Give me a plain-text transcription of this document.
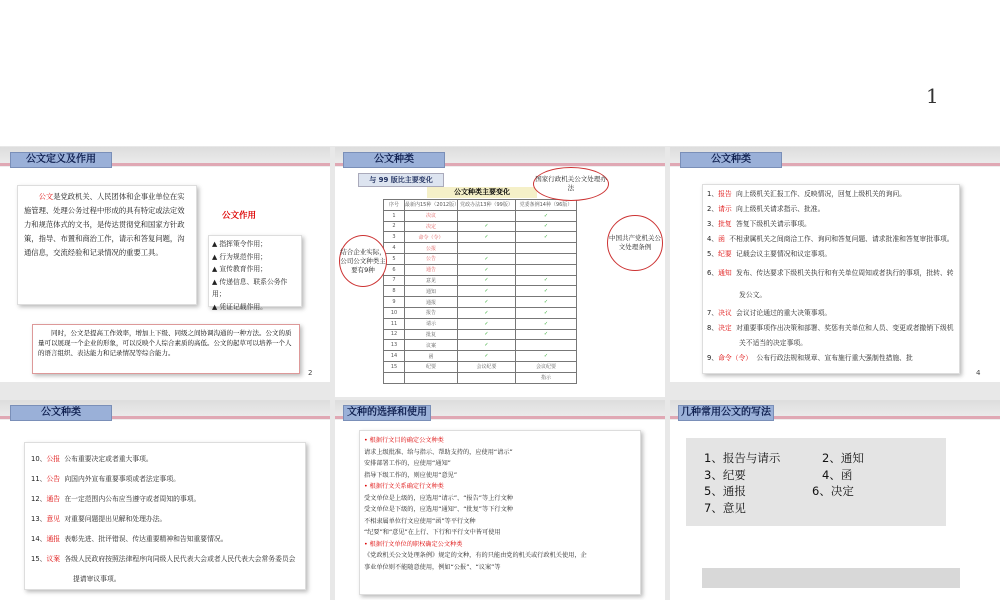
1
公文定义及作用
公文是党政机关、人民团体和企事业单位在实施管理、处理公务过程中形成的具有特定或法定效力和规范体式的文书，是传达贯彻党和国家方针政策，指导、布置和商治工作，请示和答复问题，沟通信息，交流经验和记录情况的重要工具。
公文作用
▲ 指挥策令作用；
▲ 行为规范作用；
▲ 宣传教育作用；
▲ 传递信息、联系公务作用；
▲ 凭证记载作用。
同时，公文是提高工作效率，增加上下级、同级之间协调沟通的一种方法。公文的质量可以展现一个企业的形象，可以反映个人综合素质的高低。公文的起草可以培养一个人的语言组织、表达能力和记录情况等综合能力。
2
公文种类
与 99 版比主要变化
公文种类主要变化
序号	最新内15种（2012版）	党政办法13种（99版）	党委条例14种（96版）
1	决议		✓
2	决定	✓	✓
3	命令（令）	✓	✓
4	公报		
5	公告	✓	
6	通告	✓	
7	意见	✓	✓
8	通知	✓	✓
9	通报	✓	✓
10	报告	✓	✓
11	请示	✓	✓
12	批复	✓	✓
13	议案	✓	
14	函	✓	✓
15	纪要	会议纪要	会议纪要
			指示
国家行政机关公文处理办法
中国共产党机关公文处理条例
结合企业实际，公司公文种类主要有9种
公文种类
1、报告 向上级机关汇报工作、反映情况，回复上级机关的询问。
2、请示 向上级机关请求指示、批准。
3、批复 答复下级机关请示事项。
4、函 不相隶属机关之间商洽工作、询问和答复问题、请求批准和答复审批事项。
5、纪要 记载会议主要情况和议定事项。
6、通知 发布、传达要求下级机关执行和有关单位周知或者执行的事项，批转、转发公文。
7、决议 会议讨论通过的重大决策事项。
8、决定 对重要事项作出决策和部署、奖惩有关单位和人员、变更或者撤销下级机关不适当的决定事项。
9、命令（令） 公布行政法规和规章、宣布施行重大强制性措施、批
4
公文种类
10、公报 公布重要决定或者重大事项。
11、公告 向国内外宣布重要事项或者法定事项。
12、通告 在一定范围内公布应当遵守或者周知的事项。
13、意见 对重要问题提出见解和处理办法。
14、通报 表彰先进、批评错误、传达重要精神和告知重要情况。
15、议案 各级人民政府按照法律程序向同级人民代表大会或者人民代表大会常务委员会提请审议事项。
文种的选择和使用
• 根据行文目的确定公文种类
请求上级批准、给与指示、帮助支持的，应使用“请示”
安排部署工作的，应使用“通知”
指导下级工作的，则应使用“意见”
• 根据行文关系确定行文种类
受文单位是上级的，应选用“请示”、“报告”等上行文种
受文单位是下级的，应选用“通知”、“批复”等下行文种
不相隶属单位行文应使用“函”等平行文种
“纪要”和“意见”在上行、下行和平行文中皆可使用
• 根据行文单位的职权确定公文种类
《党政机关公文处理条例》规定的文种，有的只能由党的机关或行政机关使用，企
事业单位则不能随意使用，例如“公报”、“议案”等
几种常用公文的写法
1、报告与请示	2、通知
3、纪要	4、函
5、通报	6、决定
7、意见
